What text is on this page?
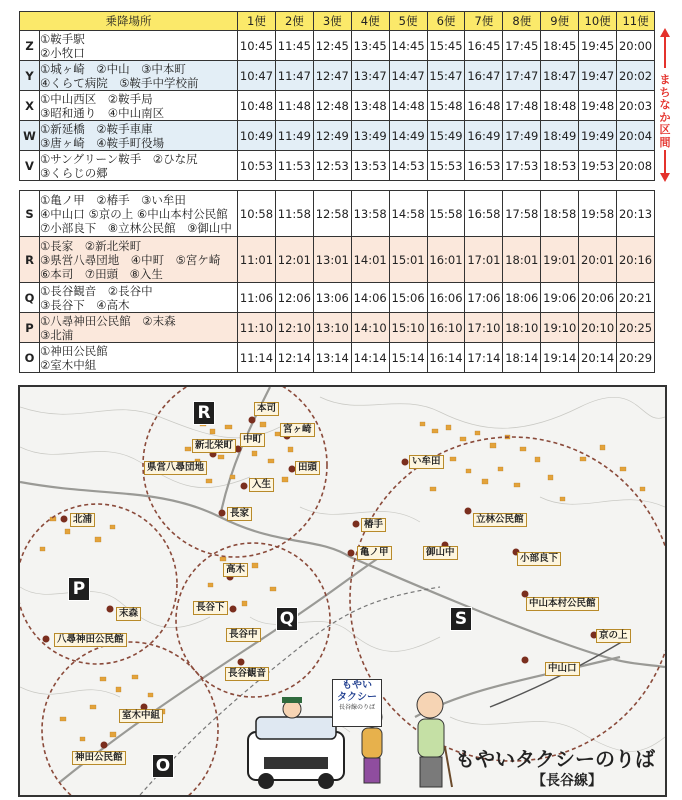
乗降場所		1便	2便	3便	4便	5便	6便	7便	8便	9便	10便	11便
Z	①鞍手駅
②小牧口	10:45	11:45	12:45	13:45	14:45	15:45	16:45	17:45	18:45	19:45	20:00
Y	①城ヶ崎　②中山　③中本町
④くらて病院　⑤鞍手中学校前	10:47	11:47	12:47	13:47	14:47	15:47	16:47	17:47	18:47	19:47	20:02
X	①中山西区　②鞍手局
③昭和通り　④中山南区	10:48	11:48	12:48	13:48	14:48	15:48	16:48	17:48	18:48	19:48	20:03
W	①新延橋　②鞍手車庫
③唐ヶ崎　④鞍手町役場	10:49	11:49	12:49	13:49	14:49	15:49	16:49	17:49	18:49	19:49	20:04
V	①サングリーン鞍手　②ひな尻
③くらじの郷	10:53	11:53	12:53	13:53	14:53	15:53	16:53	17:53	18:53	19:53	20:08
S	①亀ノ甲　②椿手　③い牟田
④中山口 ⑤京の上 ⑥中山本村公民館
⑦小部良下　⑧立林公民館　⑨御山中	10:58	11:58	12:58	13:58	14:58	15:58	16:58	17:58	18:58	19:58	20:13
R	①長家　②新北栄町
③県営八尋団地　④中町　⑤宮ケ崎
⑥本司　⑦田頭　⑧入生	11:01	12:01	13:01	14:01	15:01	16:01	17:01	18:01	19:01	20:01	20:16
Q	①長谷観音　②長谷中
③長谷下　④高木	11:06	12:06	13:06	14:06	15:06	16:06	17:06	18:06	19:06	20:06	20:21
P	①八尋神田公民館　②末森
③北浦	11:10	12:10	13:10	14:10	15:10	16:10	17:10	18:10	19:10	20:10	20:25
O	①神田公民館
②室木中組	11:14	12:14	13:14	14:14	15:14	16:14	17:14	18:14	19:14	20:14	20:29
ま
ち
な
か
区
間
R
P
Q	S
O
本司
宮ヶ崎
新北栄町
中町
県営八尋団地	田頭
入生
長家
北浦
高木
長谷下
長谷中
長谷観音
末森
八尋神田公民館
い牟田
立林公民館
椿手
亀ノ甲	御山中
小部良下
中山本村公民館
京の上
中山口
室木中組
神田公民館
もやい
タクシー
長谷線のりば
もやいタクシーのりば
【長谷線】
